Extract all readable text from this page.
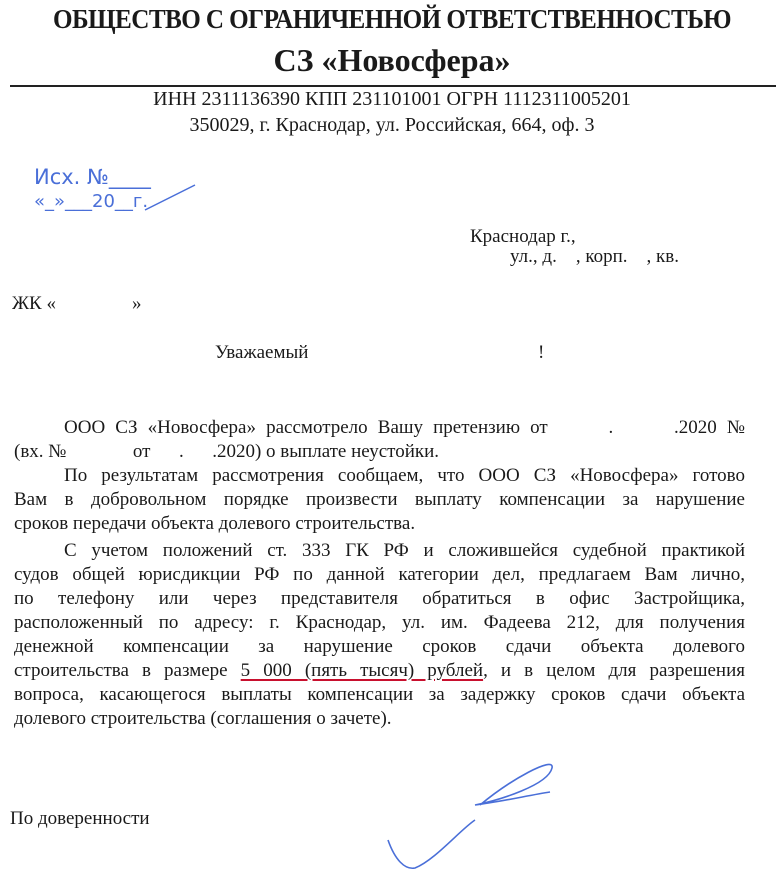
ОБЩЕСТВО С ОГРАНИЧЕННОЙ ОТВЕТСТВЕННОСТЬЮ
СЗ «Новосфера»
ИНН 2311136390 КПП 231101001 ОГРН 1112311005201
350029, г. Краснодар, ул. Российская, 664, оф. 3
Исх. №____
«_»___20__г.
Краснодар г.,
ул., д.    , корп.    , кв.
ЖК «                »
Уважаемый	!
ООО СЗ «Новосфера» рассмотрело Вашу претензию от      .      .2020 №
(вх. №              от      .      .2020) о выплате неустойки.
По результатам рассмотрения сообщаем, что ООО СЗ «Новосфера» готово
Вам в добровольном порядке произвести выплату компенсации за нарушение
сроков передачи объекта долевого строительства.
С учетом положений ст. 333 ГК РФ и сложившейся судебной практикой
судов общей юрисдикции РФ по данной категории дел, предлагаем Вам лично,
по телефону или через представителя обратиться в офис Застройщика,
расположенный по адресу: г. Краснодар, ул. им. Фадеева 212, для получения
денежной компенсации за нарушение сроков сдачи объекта долевого
строительства в размере 5 000 (пять тысяч) рублей, и в целом для разрешения
вопроса, касающегося выплаты компенсации за задержку сроков сдачи объекта
долевого строительства (соглашения о зачете).
По доверенности
